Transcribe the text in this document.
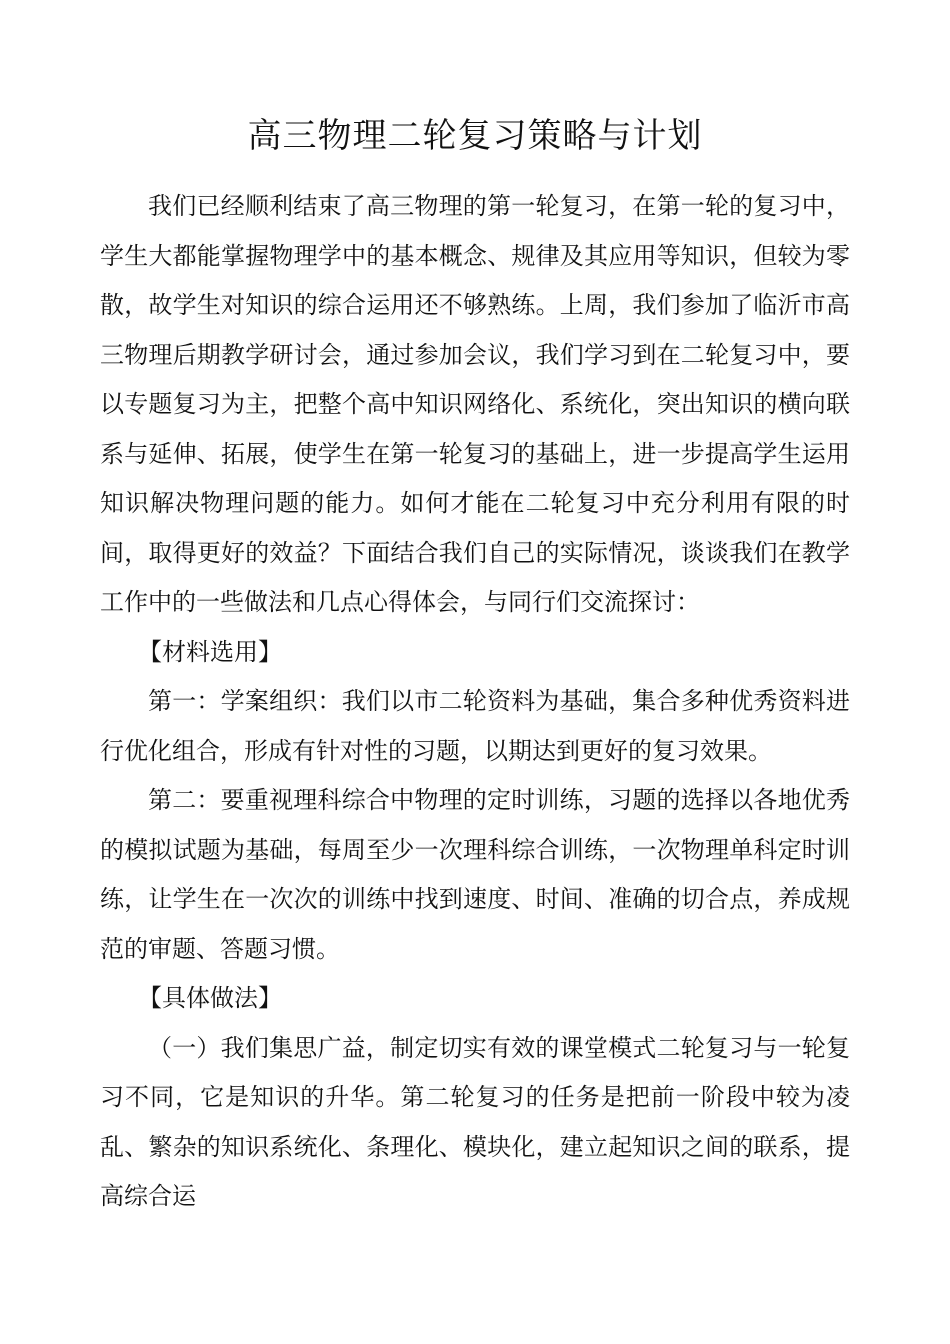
高三物理二轮复习策略与计划

我们已经顺利结束了高三物理的第一轮复习，在第一轮的复习中，学生大都能掌握物理学中的基本概念、规律及其应用等知识，但较为零散，故学生对知识的综合运用还不够熟练。上周，我们参加了临沂市高三物理后期教学研讨会，通过参加会议，我们学习到在二轮复习中，要以专题复习为主，把整个高中知识网络化、系统化，突出知识的横向联系与延伸、拓展，使学生在第一轮复习的基础上，进一步提高学生运用知识解决物理问题的能力。如何才能在二轮复习中充分利用有限的时间，取得更好的效益？下面结合我们自己的实际情况，谈谈我们在教学工作中的一些做法和几点心得体会，与同行们交流探讨：

【材料选用】

第一：学案组织：我们以市二轮资料为基础，集合多种优秀资料进行优化组合，形成有针对性的习题，以期达到更好的复习效果。

第二：要重视理科综合中物理的定时训练，习题的选择以各地优秀的模拟试题为基础，每周至少一次理科综合训练，一次物理单科定时训练，让学生在一次次的训练中找到速度、时间、准确的切合点，养成规范的审题、答题习惯。

【具体做法】

（一）我们集思广益，制定切实有效的课堂模式二轮复习与一轮复习不同，它是知识的升华。第二轮复习的任务是把前一阶段中较为凌乱、繁杂的知识系统化、条理化、模块化，建立起知识之间的联系，提高综合运
